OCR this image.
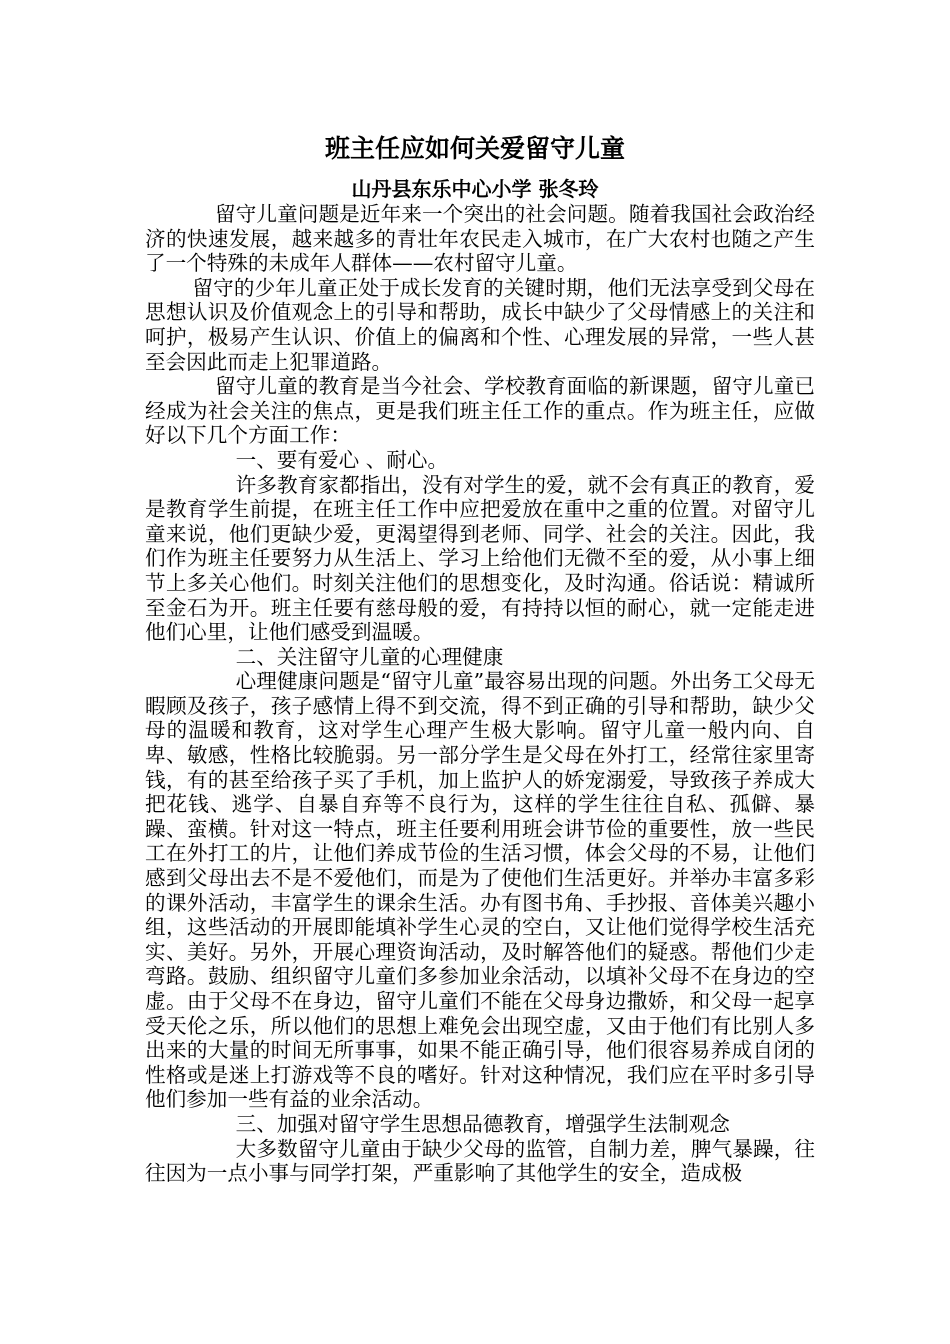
班主任应如何关爱留守儿童
山丹县东乐中心小学 张冬玲

留守儿童问题是近年来一个突出的社会问题。随着我国社会政治经济的快速发展，越来越多的青壮年农民走入城市，在广大农村也随之产生了一个特殊的未成年人群体——农村留守儿童。

留守的少年儿童正处于成长发育的关键时期，他们无法享受到父母在思想认识及价值观念上的引导和帮助，成长中缺少了父母情感上的关注和呵护，极易产生认识、价值上的偏离和个性、心理发展的异常，一些人甚至会因此而走上犯罪道路。

留守儿童的教育是当今社会、学校教育面临的新课题，留守儿童已经成为社会关注的焦点，更是我们班主任工作的重点。作为班主任，应做好以下几个方面工作：

一、要有爱心 、耐心。

许多教育家都指出，没有对学生的爱，就不会有真正的教育，爱是教育学生前提，在班主任工作中应把爱放在重中之重的位置。对留守儿童来说，他们更缺少爱，更渴望得到老师、同学、社会的关注。因此，我们作为班主任要努力从生活上、学习上给他们无微不至的爱，从小事上细节上多关心他们。时刻关注他们的思想变化，及时沟通。俗话说：精诚所至金石为开。班主任要有慈母般的爱，有持持以恒的耐心，就一定能走进他们心里，让他们感受到温暖。

二、关注留守儿童的心理健康

心理健康问题是“留守儿童”最容易出现的问题。外出务工父母无暇顾及孩子，孩子感情上得不到交流，得不到正确的引导和帮助，缺少父母的温暖和教育，这对学生心理产生极大影响。留守儿童一般内向、自卑、敏感，性格比较脆弱。另一部分学生是父母在外打工，经常往家里寄钱，有的甚至给孩子买了手机，加上监护人的娇宠溺爱，导致孩子养成大把花钱、逃学、自暴自弃等不良行为，这样的学生往往自私、孤僻、暴躁、蛮横。针对这一特点，班主任要利用班会讲节俭的重要性，放一些民工在外打工的片，让他们养成节俭的生活习惯，体会父母的不易，让他们感到父母出去不是不爱他们，而是为了使他们生活更好。并举办丰富多彩的课外活动，丰富学生的课余生活。办有图书角、手抄报、音体美兴趣小组，这些活动的开展即能填补学生心灵的空白，又让他们觉得学校生活充实、美好。另外，开展心理资询活动，及时解答他们的疑惑。帮他们少走弯路。鼓励、组织留守儿童们多参加业余活动，以填补父母不在身边的空虚。由于父母不在身边，留守儿童们不能在父母身边撒娇，和父母一起享受天伦之乐，所以他们的思想上难免会出现空虚，又由于他们有比别人多出来的大量的时间无所事事，如果不能正确引导，他们很容易养成自闭的性格或是迷上打游戏等不良的嗜好。针对这种情况，我们应在平时多引导他们参加一些有益的业余活动。

三、加强对留守学生思想品德教育，增强学生法制观念

大多数留守儿童由于缺少父母的监管，自制力差，脾气暴躁，往往因为一点小事与同学打架，严重影响了其他学生的安全，造成极
